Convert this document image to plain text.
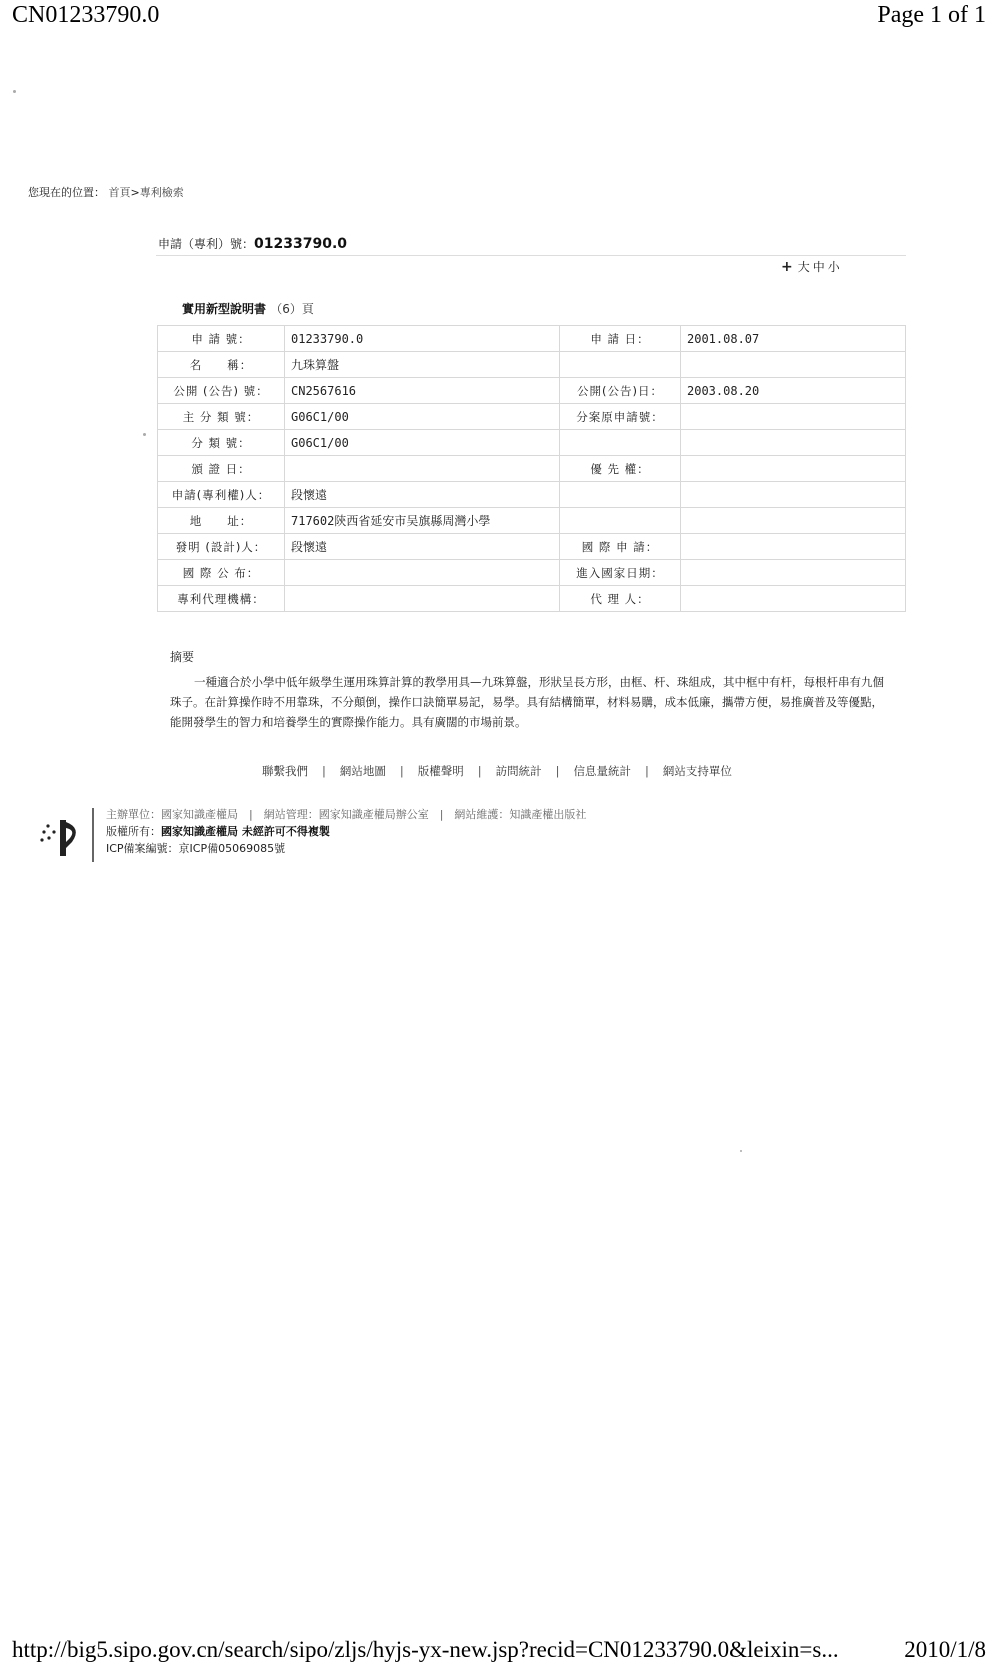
CN01233790.0	Page 1 of 1
http://big5.sipo.gov.cn/search/sipo/zljs/hyjs-yx-new.jsp?recid=CN01233790.0&leixin=s...	2010/1/8
您現在的位置： 首頁>專利檢索
申請（專利）號：01233790.0
+ 大中小
實用新型說明書 （6）頁
申 請 號：	01233790.0	申 請 日：	2001.08.07
名　　稱：	九珠算盤		
公開 (公告) 號：	CN2567616	公開(公告)日：	2003.08.20
主 分 類 號：	G06C1/00	分案原申請號：	
分 類 號：	G06C1/00		
頒 證 日：		優 先 權：	
申請(專利權)人：	段懷遠		
地　　址：	717602陝西省延安市吴旗縣周灣小學		
發明 (設計)人：	段懷遠	國 際 申 請：	
國 際 公 布：		進入國家日期：	
專利代理機構：		代 理 人：	
摘要
一種適合於小學中低年級學生運用珠算計算的教學用具—九珠算盤，形狀呈長方形，由框、杆、珠組成，其中框中有杆，每根杆串有九個珠子。在計算操作時不用靠珠，不分顛倒，操作口訣簡單易記，易學。具有結構簡單，材料易購，成本低廉，攜帶方便，易推廣普及等優點，能開發學生的智力和培養學生的實際操作能力。具有廣闊的市場前景。
聯繫我們 | 網站地圖 | 版權聲明 | 訪問統計 | 信息量統計 | 網站支持單位
主辦單位：國家知識產權局　|　網站管理：國家知識產權局辦公室　|　網站維護：知識產權出版社
版權所有：國家知識產權局 未經許可不得複製
ICP備案編號：京ICP備05069085號
